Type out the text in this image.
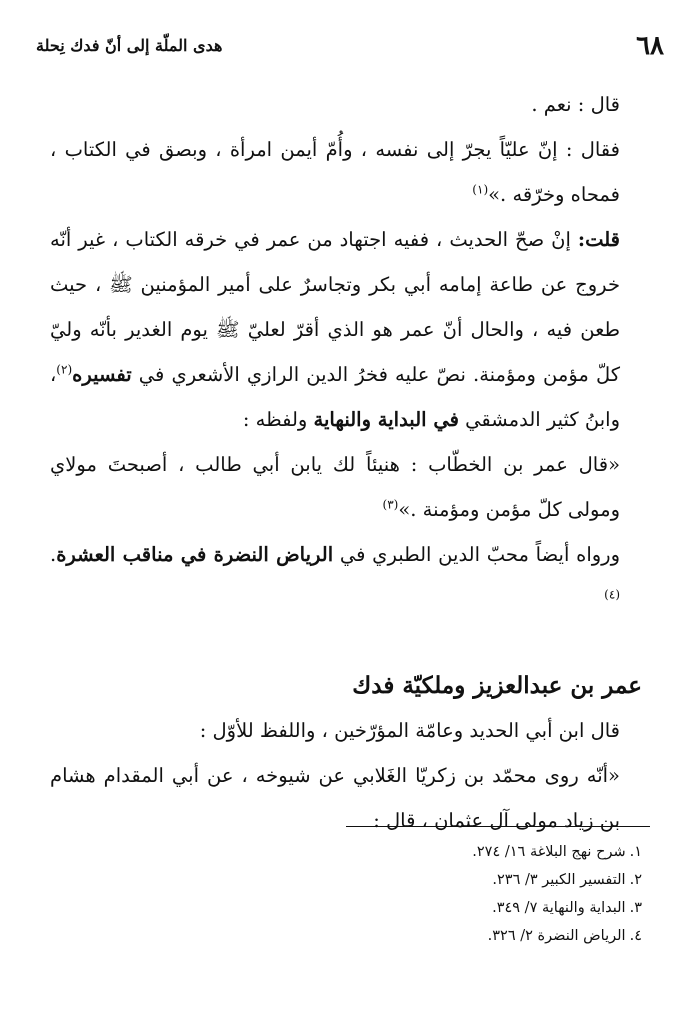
٦٨
هدى الملّة إلى أنّ فدك نِحلة

قال : نعم .

فقال : إنّ عليّاً يجرّ إلى نفسه ، وأُمّ أيمن امرأة ، وبصق في الكتاب ، فمحاه وخرّقه .»$^{(١)}$

قلت: إنْ صحّ الحديث ، ففيه اجتهاد من عمر في خرقه الكتاب ، غير أنّه خروج عن طاعة إمامه أبي بكر وتجاسرٌ على أمير المؤمنين ﷺ ، حيث طعن فيه ، والحال أنّ عمر هو الذي أقرّ لعليّ ﷺ يوم الغدير بأنّه وليّ كلّ مؤمن ومؤمنة. نصّ عليه فخرُ الدين الرازي الأشعري في تفسيره$^{(٢)}$، وابنُ كثير الدمشقي في البداية والنهاية ولفظه :

«قال عمر بن الخطّاب : هنيئاً لك يابن أبي طالب ، أصبحتَ مولاي ومولى كلّ مؤمن ومؤمنة .»$^{(٣)}$

ورواه أيضاً محبّ الدين الطبري في الرياض النضرة في مناقب العشرة.$^{(٤)}$

عمر بن عبدالعزيز وملكيّة فدك

قال ابن أبي الحديد وعامّة المؤرّخين ، واللفظ للأوّل :

«أنّه روى محمّد بن زكريّا الغَلابي عن شيوخه ، عن أبي المقدام هشام بن زياد مولى آل عثمان ، قال :

١.شرح نهج البلاغة ١٦/ ٢٧٤.
٢.التفسير الكبير ٣/ ٢٣٦.
٣.البداية والنهاية ٧/ ٣٤٩.
٤.الرياض النضرة ٢/ ٣٢٦.
